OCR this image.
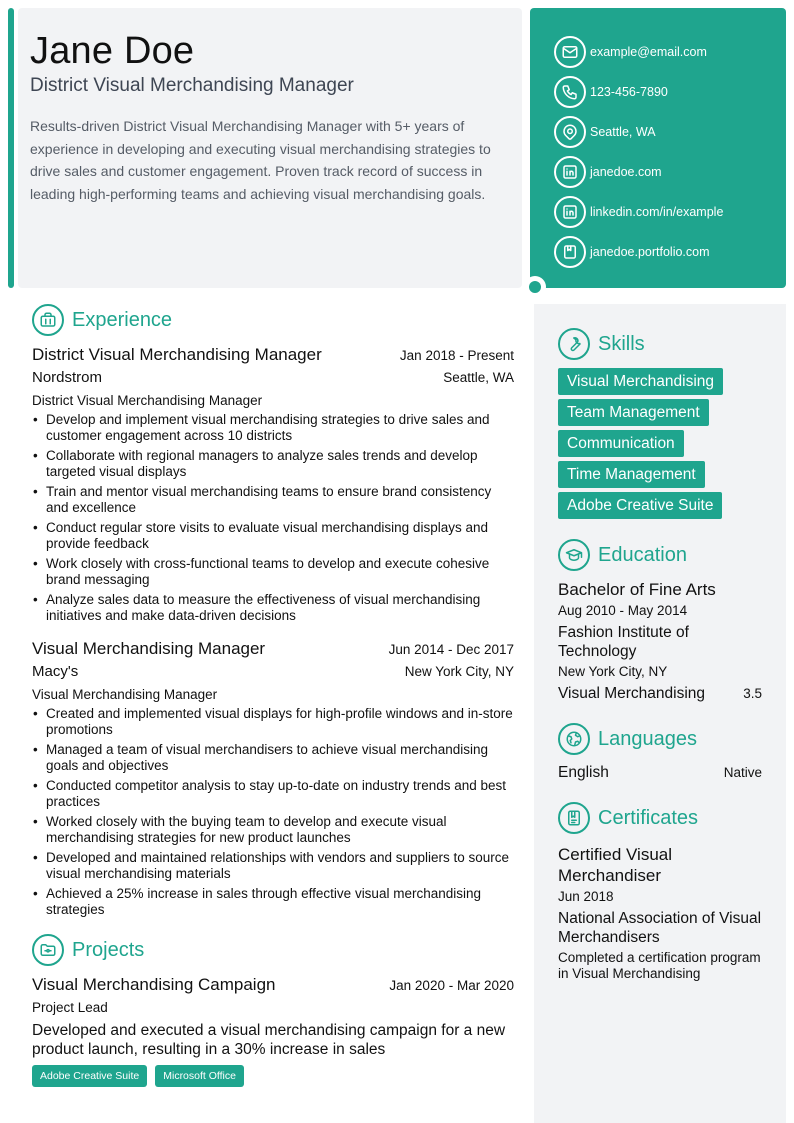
Jane Doe
District Visual Merchandising Manager
Results-driven District Visual Merchandising Manager with 5+ years of experience in developing and executing visual merchandising strategies to drive sales and customer engagement. Proven track record of success in leading high-performing teams and achieving visual merchandising goals.
example@email.com
123-456-7890
Seattle, WA
janedoe.com
linkedin.com/in/example
janedoe.portfolio.com
Experience
District Visual Merchandising Manager	Jan 2018 - Present
Nordstrom	Seattle, WA
District Visual Merchandising Manager
• Develop and implement visual merchandising strategies to drive sales and customer engagement across 10 districts
• Collaborate with regional managers to analyze sales trends and develop targeted visual displays
• Train and mentor visual merchandising teams to ensure brand consistency and excellence
• Conduct regular store visits to evaluate visual merchandising displays and provide feedback
• Work closely with cross-functional teams to develop and execute cohesive brand messaging
• Analyze sales data to measure the effectiveness of visual merchandising initiatives and make data-driven decisions
Visual Merchandising Manager	Jun 2014 - Dec 2017
Macy's	New York City, NY
Visual Merchandising Manager
• Created and implemented visual displays for high-profile windows and in-store promotions
• Managed a team of visual merchandisers to achieve visual merchandising goals and objectives
• Conducted competitor analysis to stay up-to-date on industry trends and best practices
• Worked closely with the buying team to develop and execute visual merchandising strategies for new product launches
• Developed and maintained relationships with vendors and suppliers to source visual merchandising materials
• Achieved a 25% increase in sales through effective visual merchandising strategies
Projects
Visual Merchandising Campaign	Jan 2020 - Mar 2020
Project Lead
Developed and executed a visual merchandising campaign for a new product launch, resulting in a 30% increase in sales
Adobe Creative Suite	Microsoft Office
Skills
Visual Merchandising
Team Management
Communication
Time Management
Adobe Creative Suite
Education
Bachelor of Fine Arts
Aug 2010 - May 2014
Fashion Institute of Technology
New York City, NY
Visual Merchandising	3.5
Languages
English	Native
Certificates
Certified Visual Merchandiser
Jun 2018
National Association of Visual Merchandisers
Completed a certification program in Visual Merchandising
